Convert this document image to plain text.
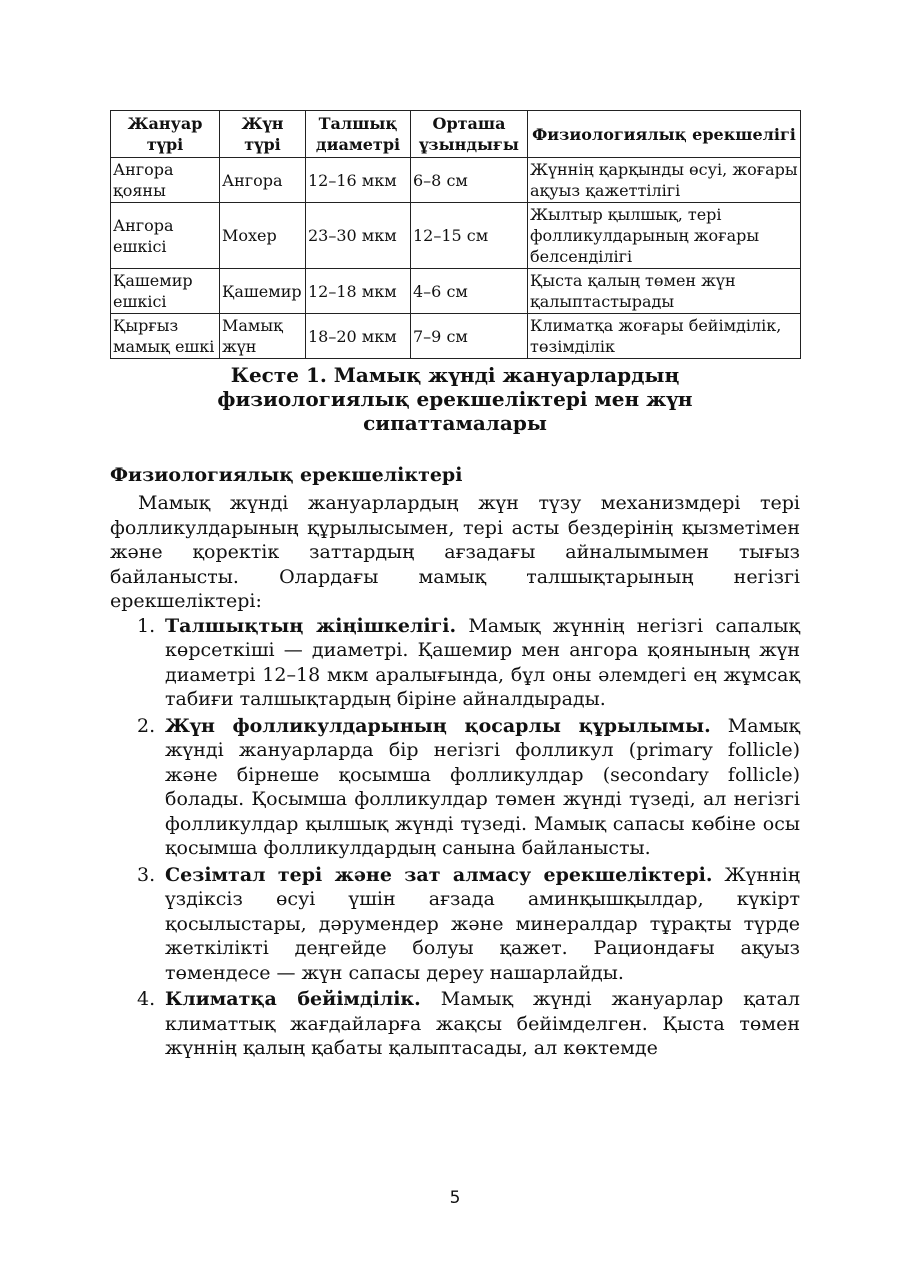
Жануар түрі	Жүн түрі	Талшық диаметрі	Орташа ұзындығы	Физиологиялық ерекшелігі
Ангора қояны	Ангора	12–16 мкм	6–8 см	Жүннің қарқынды өсуі, жоғары ақуыз қажеттілігі
Ангора ешкісі	Мохер	23–30 мкм	12–15 см	Жылтыр қылшық, тері фолликулдарының жоғары белсенділігі
Қашемир ешкісі	Қашемир	12–18 мкм	4–6 см	Қыста қалың төмен жүн қалыптастырады
Қырғыз мамық ешкі	Мамық жүн	18–20 мкм	7–9 см	Климатқа жоғары бейімділік, төзімділік
Кесте 1. Мамық жүнді жануарлардың физиологиялық ерекшеліктері мен жүн сипаттамалары
Физиологиялық ерекшеліктері

Мамық жүнді жануарлардың жүн түзу механизмдері тері фолликулдарының құрылысымен, тері асты бездерінің қызметімен және қоректік заттардың ағзадағы айналымымен тығыз байланысты. Олардағы мамық талшықтарының негізгі ерекшеліктері:

1. Талшықтың жіңішкелігі. Мамық жүннің негізгі сапалық көрсеткіші — диаметрі. Қашемир мен ангора қоянының жүн диаметрі 12–18 мкм аралығында, бұл оны әлемдегі ең жұмсақ табиғи талшықтардың біріне айналдырады.
2. Жүн фолликулдарының қосарлы құрылымы. Мамық жүнді жануарларда бір негізгі фолликул (primary follicle) және бірнеше қосымша фолликулдар (secondary follicle) болады. Қосымша фолликулдар төмен жүнді түзеді, ал негізгі фолликулдар қылшық жүнді түзеді. Мамық сапасы көбіне осы қосымша фолликулдардың санына байланысты.
3. Сезімтал тері және зат алмасу ерекшеліктері. Жүннің үздіксіз өсуі үшін ағзада аминқышқылдар, күкірт қосылыстары, дәрумендер және минералдар тұрақты түрде жеткілікті деңгейде болуы қажет. Рациондағы ақуыз төмендесе — жүн сапасы дереу нашарлайды.
4. Климатқа бейімділік. Мамық жүнді жануарлар қатал климаттық жағдайларға жақсы бейімделген. Қыста төмен жүннің қалың қабаты қалыптасады, ал көктемде
5
